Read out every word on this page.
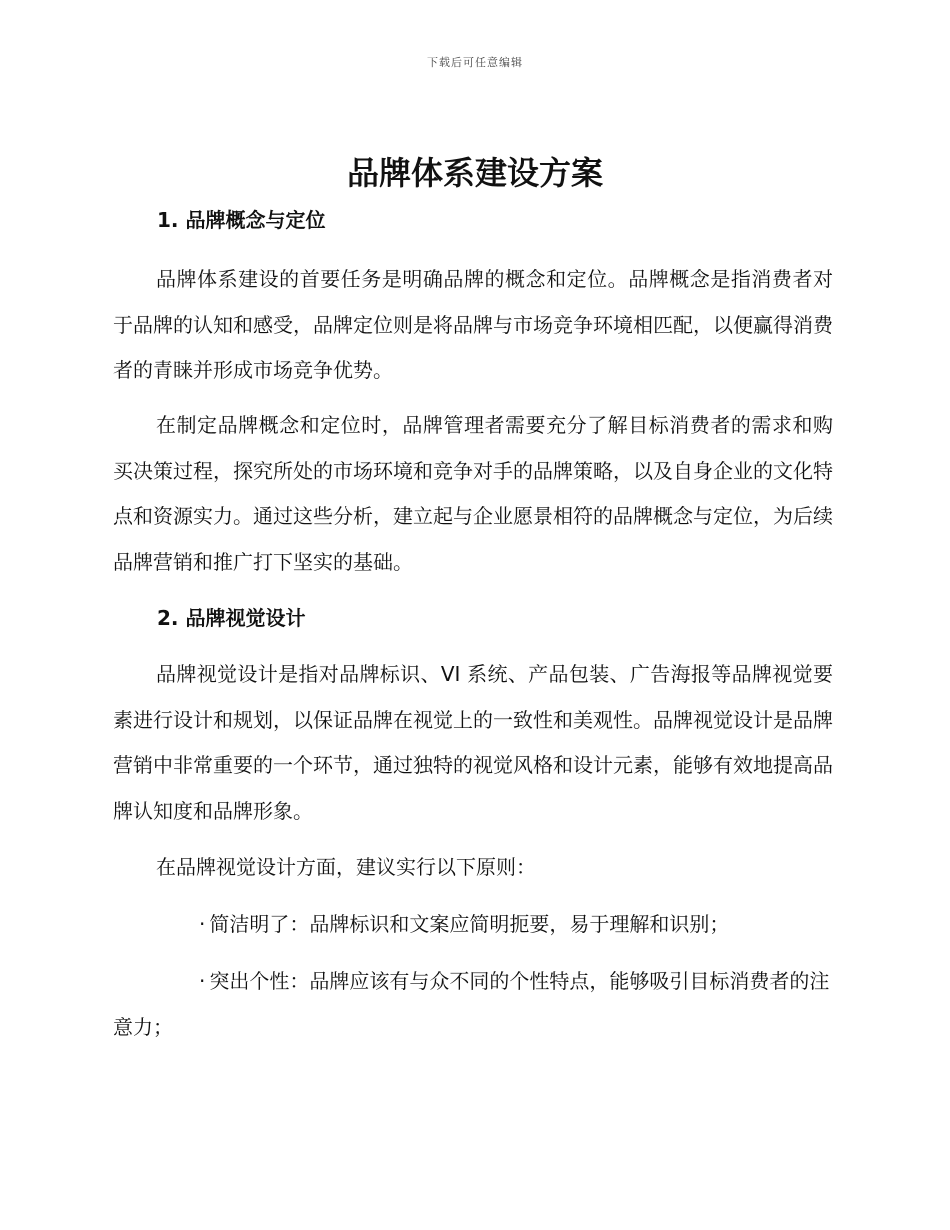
下载后可任意编辑
品牌体系建设方案
1. 品牌概念与定位

品牌体系建设的首要任务是明确品牌的概念和定位。品牌概念是指消费者对于品牌的认知和感受，品牌定位则是将品牌与市场竞争环境相匹配，以便赢得消费者的青睐并形成市场竞争优势。

在制定品牌概念和定位时，品牌管理者需要充分了解目标消费者的需求和购买决策过程，探究所处的市场环境和竞争对手的品牌策略，以及自身企业的文化特点和资源实力。通过这些分析，建立起与企业愿景相符的品牌概念与定位，为后续品牌营销和推广打下坚实的基础。

2. 品牌视觉设计

品牌视觉设计是指对品牌标识、VI 系统、产品包装、广告海报等品牌视觉要素进行设计和规划，以保证品牌在视觉上的一致性和美观性。品牌视觉设计是品牌营销中非常重要的一个环节，通过独特的视觉风格和设计元素，能够有效地提高品牌认知度和品牌形象。

在品牌视觉设计方面，建议实行以下原则：

· 简洁明了：品牌标识和文案应简明扼要，易于理解和识别；

· 突出个性：品牌应该有与众不同的个性特点，能够吸引目标消费者的注意力；
